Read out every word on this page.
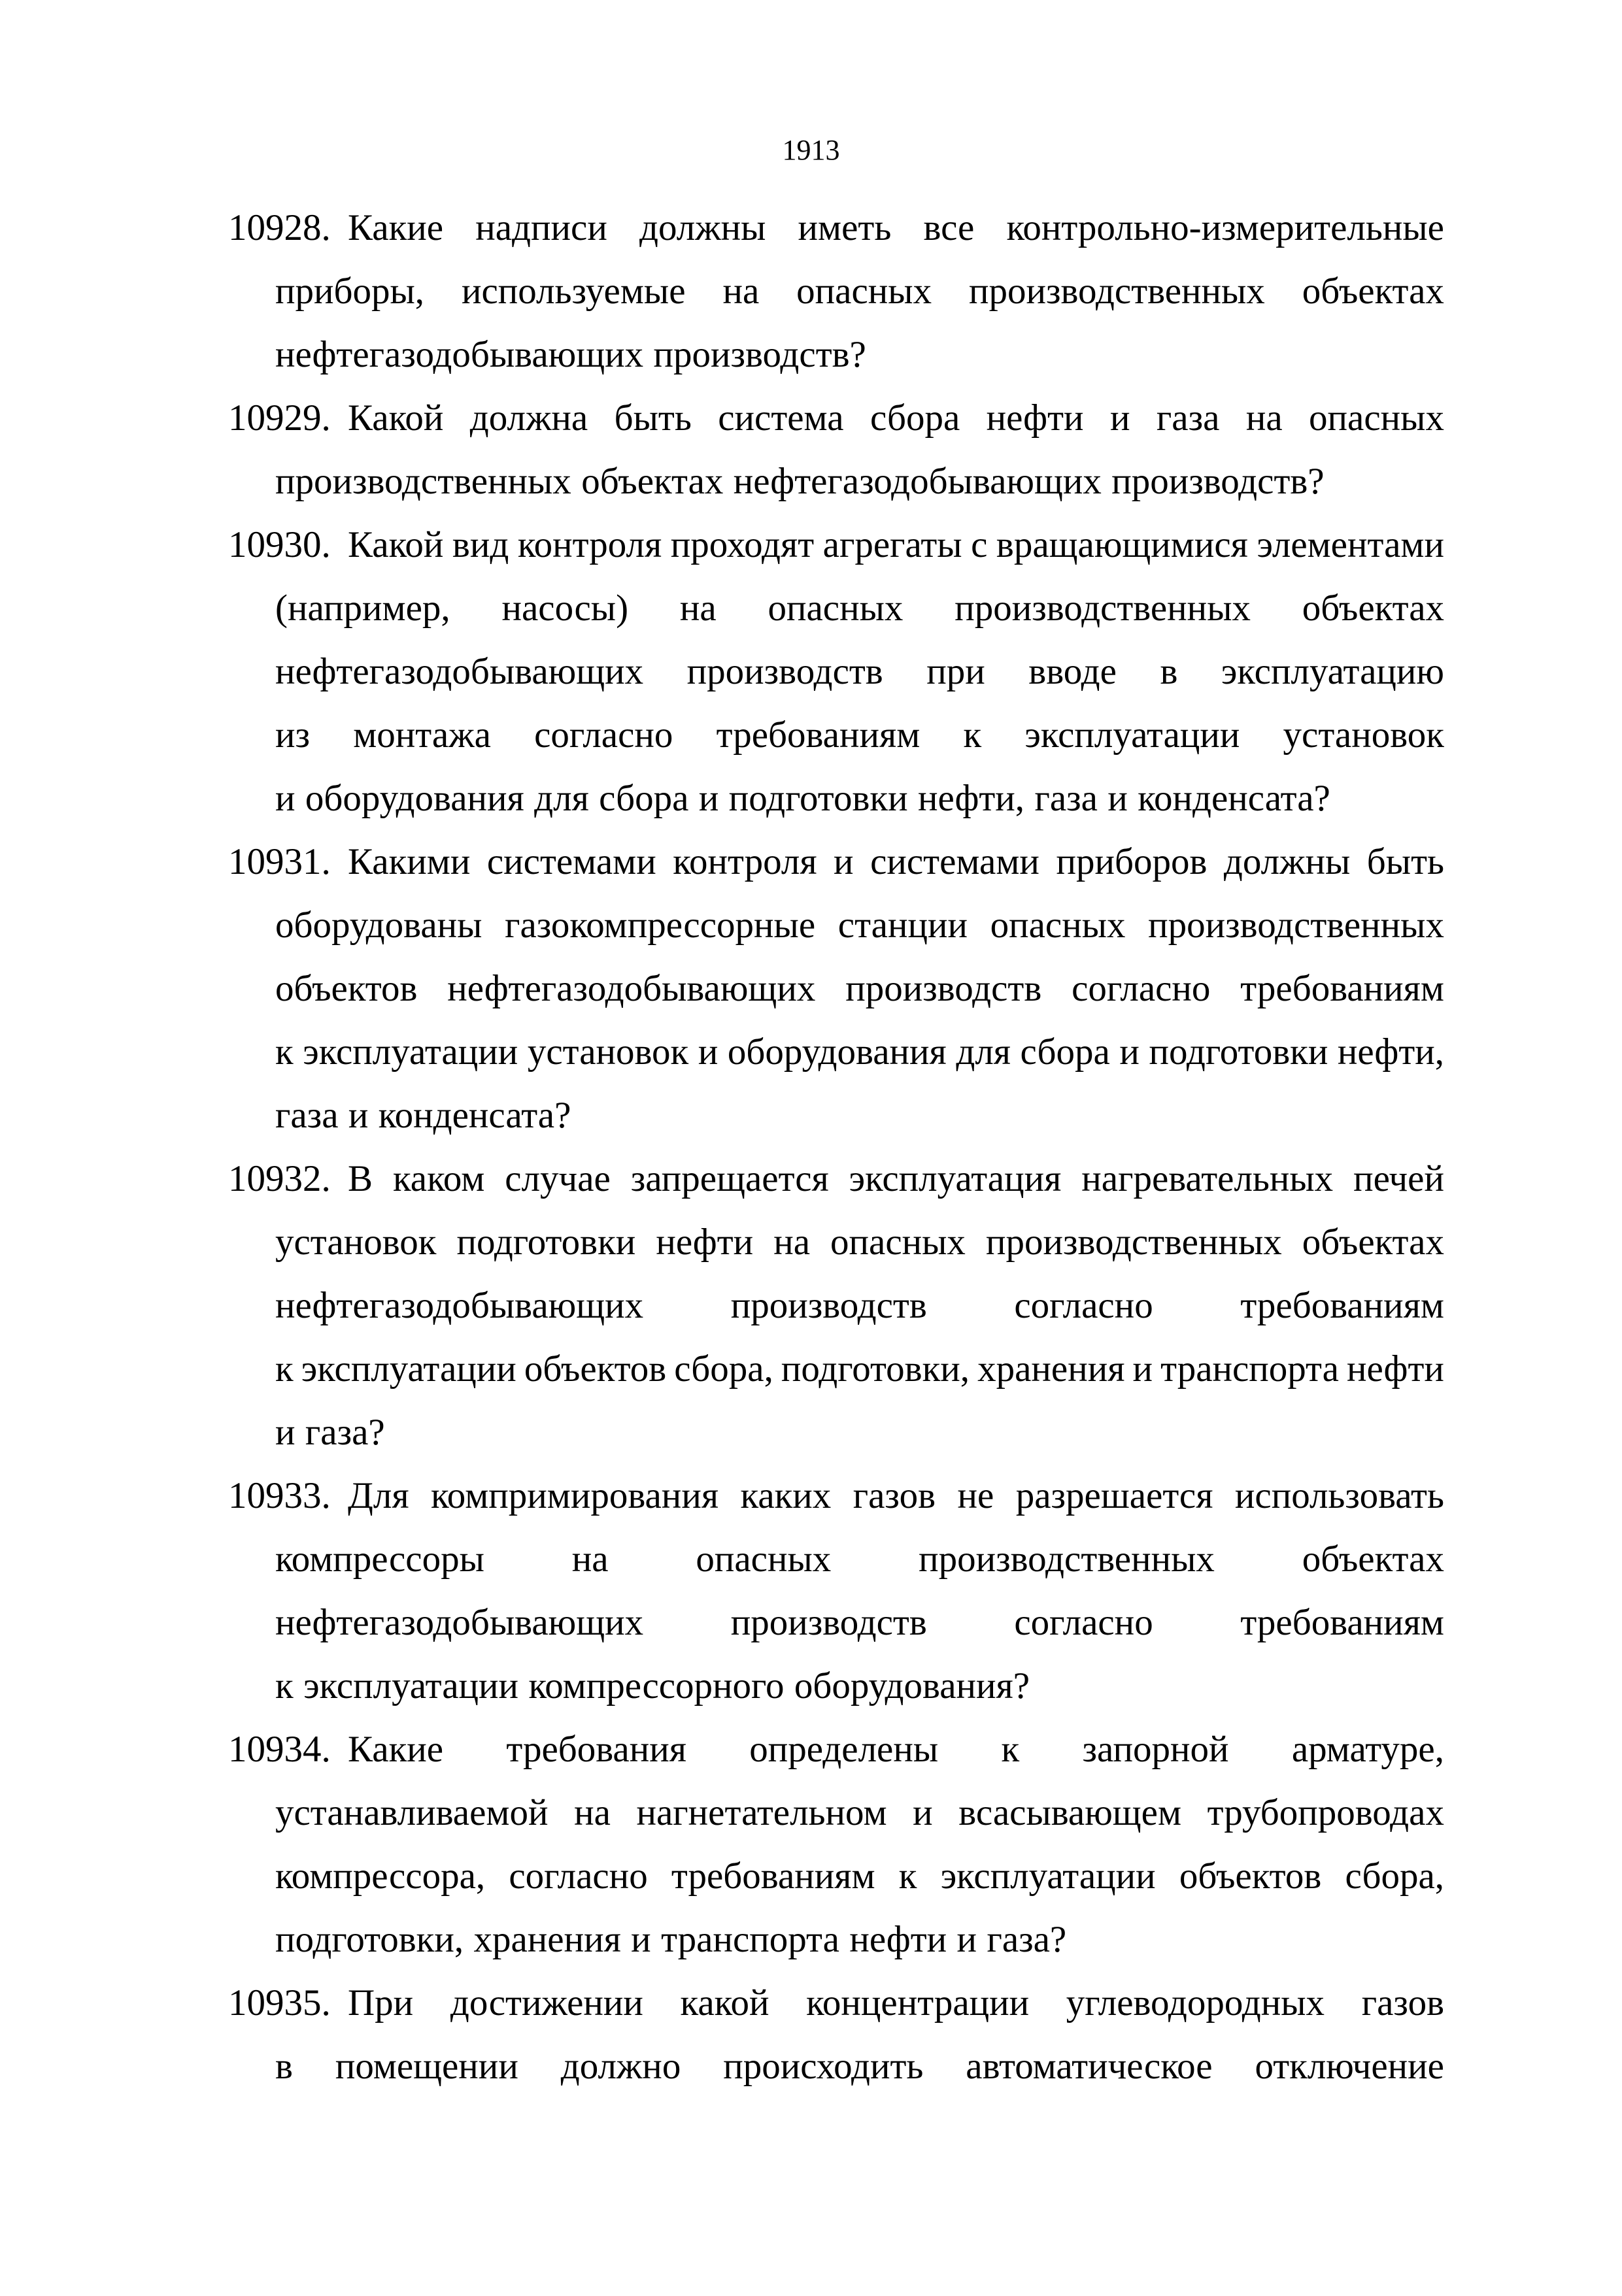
1913
10928. Какие надписи должны иметь все контрольно-измерительные
приборы, используемые на опасных производственных объектах
нефтегазодобывающих производств?
10929. Какой должна быть система сбора нефти и газа на опасных
производственных объектах нефтегазодобывающих производств?
10930. Какой вид контроля проходят агрегаты с вращающимися элементами
(например, насосы) на опасных производственных объектах
нефтегазодобывающих производств при вводе в эксплуатацию
из монтажа согласно требованиям к эксплуатации установок
и оборудования для сбора и подготовки нефти, газа и конденсата?
10931. Какими системами контроля и системами приборов должны быть
оборудованы газокомпрессорные станции опасных производственных
объектов нефтегазодобывающих производств согласно требованиям
к эксплуатации установок и оборудования для сбора и подготовки нефти,
газа и конденсата?
10932. В каком случае запрещается эксплуатация нагревательных печей
установок подготовки нефти на опасных производственных объектах
нефтегазодобывающих производств согласно требованиям
к эксплуатации объектов сбора, подготовки, хранения и транспорта нефти
и газа?
10933. Для компримирования каких газов не разрешается использовать
компрессоры на опасных производственных объектах
нефтегазодобывающих производств согласно требованиям
к эксплуатации компрессорного оборудования?
10934. Какие требования определены к запорной арматуре,
устанавливаемой на нагнетательном и всасывающем трубопроводах
компрессора, согласно требованиям к эксплуатации объектов сбора,
подготовки, хранения и транспорта нефти и газа?
10935. При достижении какой концентрации углеводородных газов
в помещении должно происходить автоматическое отключение
